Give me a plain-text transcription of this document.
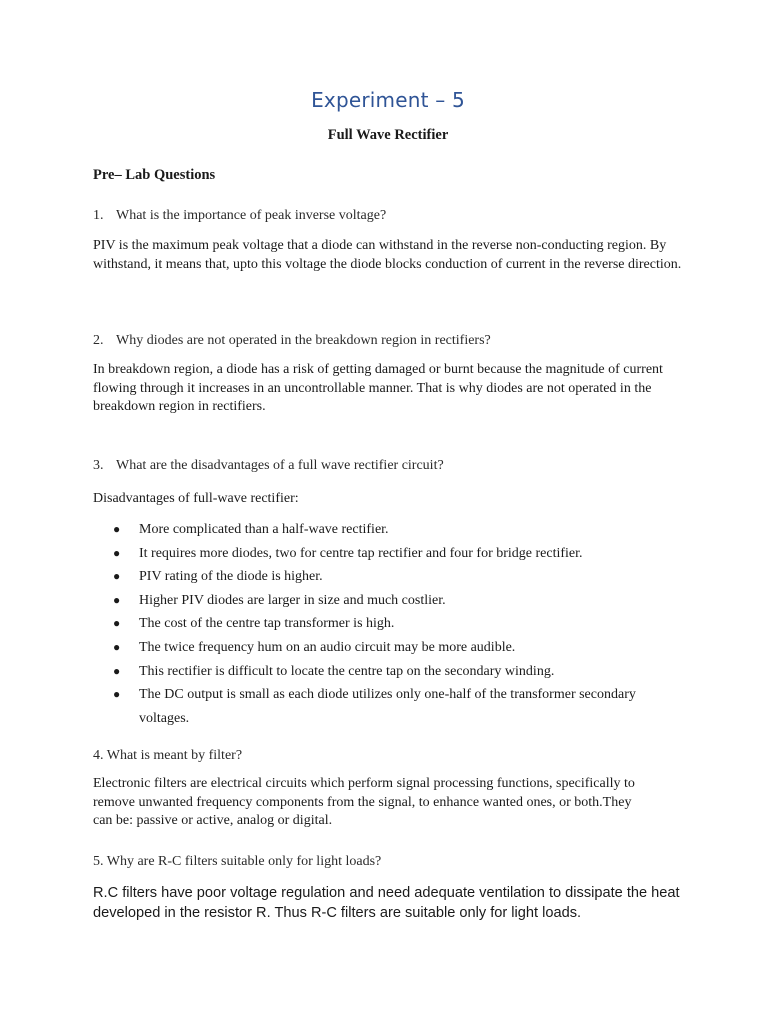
Experiment – 5
Full Wave Rectifier
Pre– Lab Questions
1. What is the importance of peak inverse voltage?
PIV is the maximum peak voltage that a diode can withstand in the reverse non-conducting region. By withstand, it means that, upto this voltage the diode blocks conduction of current in the reverse direction.
2. Why diodes are not operated in the breakdown region in rectifiers?
In breakdown region, a diode has a risk of getting damaged or burnt because the magnitude of current flowing through it increases in an uncontrollable manner. That is why diodes are not operated in the breakdown region in rectifiers.
3. What are the disadvantages of a full wave rectifier circuit?
Disadvantages of full-wave rectifier:
● More complicated than a half-wave rectifier.
● It requires more diodes, two for centre tap rectifier and four for bridge rectifier.
● PIV rating of the diode is higher.
● Higher PIV diodes are larger in size and much costlier.
● The cost of the centre tap transformer is high.
● The twice frequency hum on an audio circuit may be more audible.
● This rectifier is difficult to locate the centre tap on the secondary winding.
● The DC output is small as each diode utilizes only one-half of the transformer secondary voltages.
4. What is meant by filter?
Electronic filters are electrical circuits which perform signal processing functions, specifically to remove unwanted frequency components from the signal, to enhance wanted ones, or both.They can be: passive or active, analog or digital.
5. Why are R-C filters suitable only for light loads?
R.C filters have poor voltage regulation and need adequate ventilation to dissipate the heat developed in the resistor R. Thus R-C filters are suitable only for light loads.
